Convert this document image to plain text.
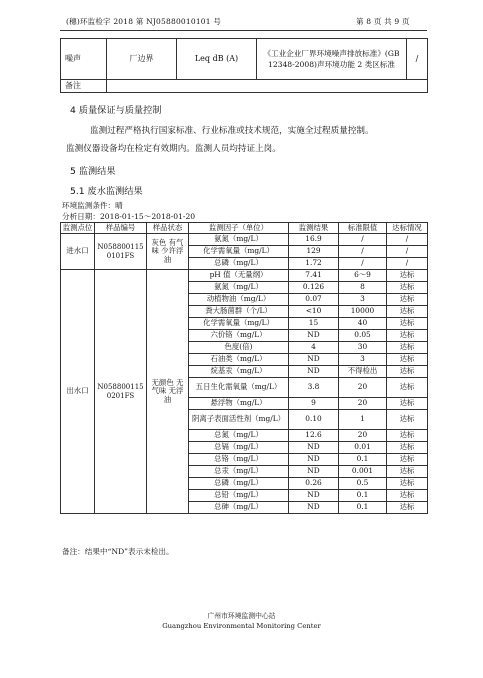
(穗)环监检字 2018 第 NJ05880010101 号	第 8 页 共 9 页
噪声	厂边界	Leq dB (A)	《工业企业厂界环境噪声排放标准》(GB 12348-2008)声环境功能 2 类区标准	/
备注				
4 质量保证与质量控制
监测过程严格执行国家标准、行业标准或技术规范，实施全过程质量控制。
监测仪器设备均在检定有效期内。监测人员均持证上岗。
5 监测结果
5.1 废水监测结果
环境监测条件：晴
分析日期：2018-01-15～2018-01-20
监测点位	样品编号	样品状态	监测因子（单位）	监测结果	标准限值	达标情况
进水口	N058800115 0101FS	灰色 有气味 少许浮油	氨氮（mg/L）	16.9	/	/
			化学需氧量（mg/L）	129	/	/
			总磷（mg/L）	1.72	/	/
出水口	N058800115 0201FS	无颜色 无气味 无浮油	pH 值（无量纲）	7.41	6～9	达标
			氨氮（mg/L）	0.126	8	达标
			动植物油（mg/L）	0.07	3	达标
			粪大肠菌群（个/L）	<10	10000	达标
			化学需氧量（mg/L）	15	40	达标
			六价铬（mg/L）	ND	0.05	达标
			色度(倍)	4	30	达标
			石油类（mg/L）	ND	3	达标
			烷基汞（mg/L）	ND	不得检出	达标
			五日生化需氧量（mg/L）	3.8	20	达标
			悬浮物（mg/L）	9	20	达标
			阴离子表面活性剂（mg/L）	0.10	1	达标
			总氮（mg/L）	12.6	20	达标
			总镉（mg/L）	ND	0.01	达标
			总铬（mg/L）	ND	0.1	达标
			总汞（mg/L）	ND	0.001	达标
			总磷（mg/L）	0.26	0.5	达标
			总铅（mg/L）	ND	0.1	达标
			总砷（mg/L）	ND	0.1	达标
备注：结果中“ND”表示未检出。
广州市环境监测中心站
Guangzhou Environmental Monitoring Center
